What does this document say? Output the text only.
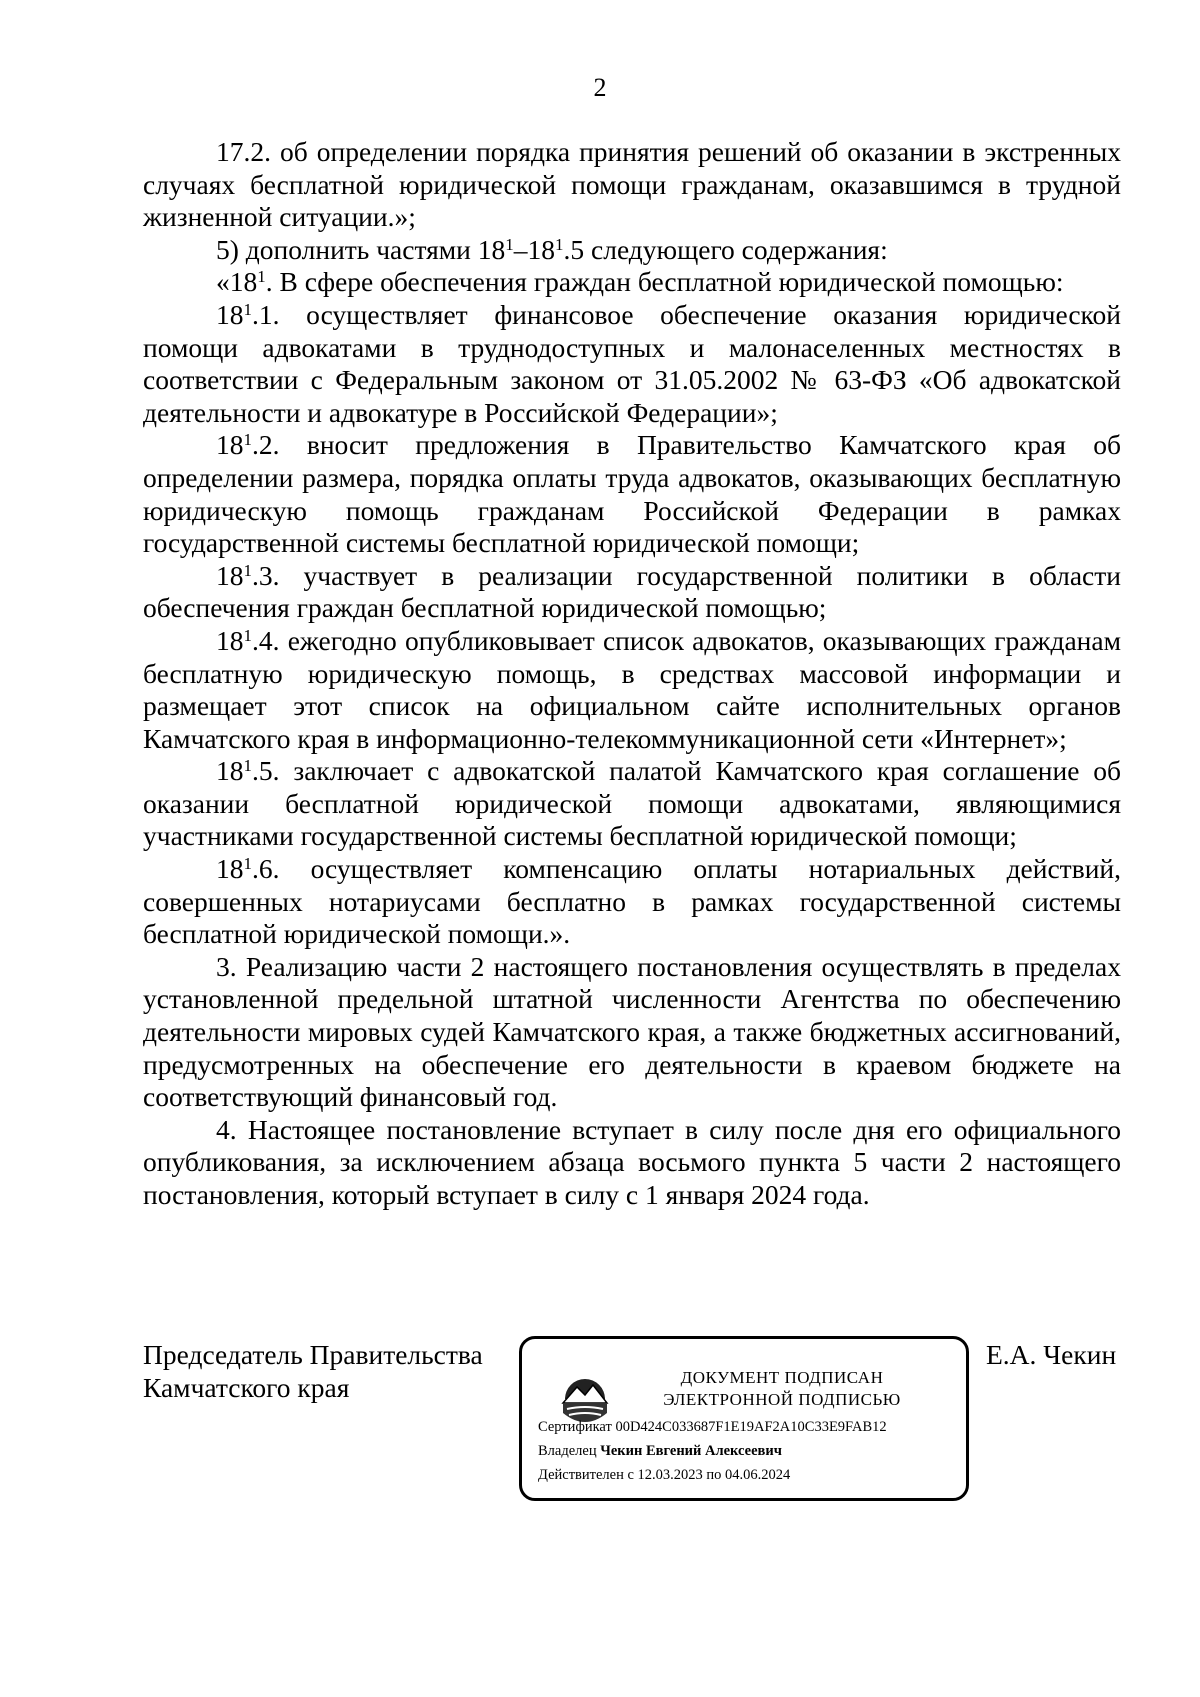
2

17.2. об определении порядка принятия решений об оказании в экстренных случаях бесплатной юридической помощи гражданам, оказавшимся в трудной жизненной ситуации.»;

5) дополнить частями $18^1-18^1.5$ следующего содержания:

«$18^1$. В сфере обеспечения граждан бесплатной юридической помощью:

$18^1.1$. осуществляет финансовое обеспечение оказания юридической помощи адвокатами в труднодоступных и малонаселенных местностях в соответствии с Федеральным законом от 31.05.2002 № 63-ФЗ «Об адвокатской деятельности и адвокатуре в Российской Федерации»;

$18^1.2$. вносит предложения в Правительство Камчатского края об определении размера, порядка оплаты труда адвокатов, оказывающих бесплатную юридическую помощь гражданам Российской Федерации в рамках государственной системы бесплатной юридической помощи;

$18^1.3$. участвует в реализации государственной политики в области обеспечения граждан бесплатной юридической помощью;

$18^1.4$. ежегодно опубликовывает список адвокатов, оказывающих гражданам бесплатную юридическую помощь, в средствах массовой информации и размещает этот список на официальном сайте исполнительных органов Камчатского края в информационно-телекоммуникационной сети «Интернет»;

$18^1.5$. заключает с адвокатской палатой Камчатского края соглашение об оказании бесплатной юридической помощи адвокатами, являющимися участниками государственной системы бесплатной юридической помощи;

$18^1.6$. осуществляет компенсацию оплаты нотариальных действий, совершенных нотариусами бесплатно в рамках государственной системы бесплатной юридической помощи.».

3. Реализацию части 2 настоящего постановления осуществлять в пределах установленной предельной штатной численности Агентства по обеспечению деятельности мировых судей Камчатского края, а также бюджетных ассигнований, предусмотренных на обеспечение его деятельности в краевом бюджете на соответствующий финансовый год.

4. Настоящее постановление вступает в силу после дня его официального опубликования, за исключением абзаца восьмого пункта 5 части 2 настоящего постановления, который вступает в силу с 1 января 2024 года.

Председатель Правительства
Камчатского края	ДОКУМЕНТ ПОДПИСАН
ЭЛЕКТРОННОЙ ПОДПИСЬЮ
Сертификат 00D424C033687F1E19AF2A10C33E9FAB12
Владелец Чекин Евгений Алексеевич
Действителен с 12.03.2023 по 04.06.2024
Е.А. Чекин
